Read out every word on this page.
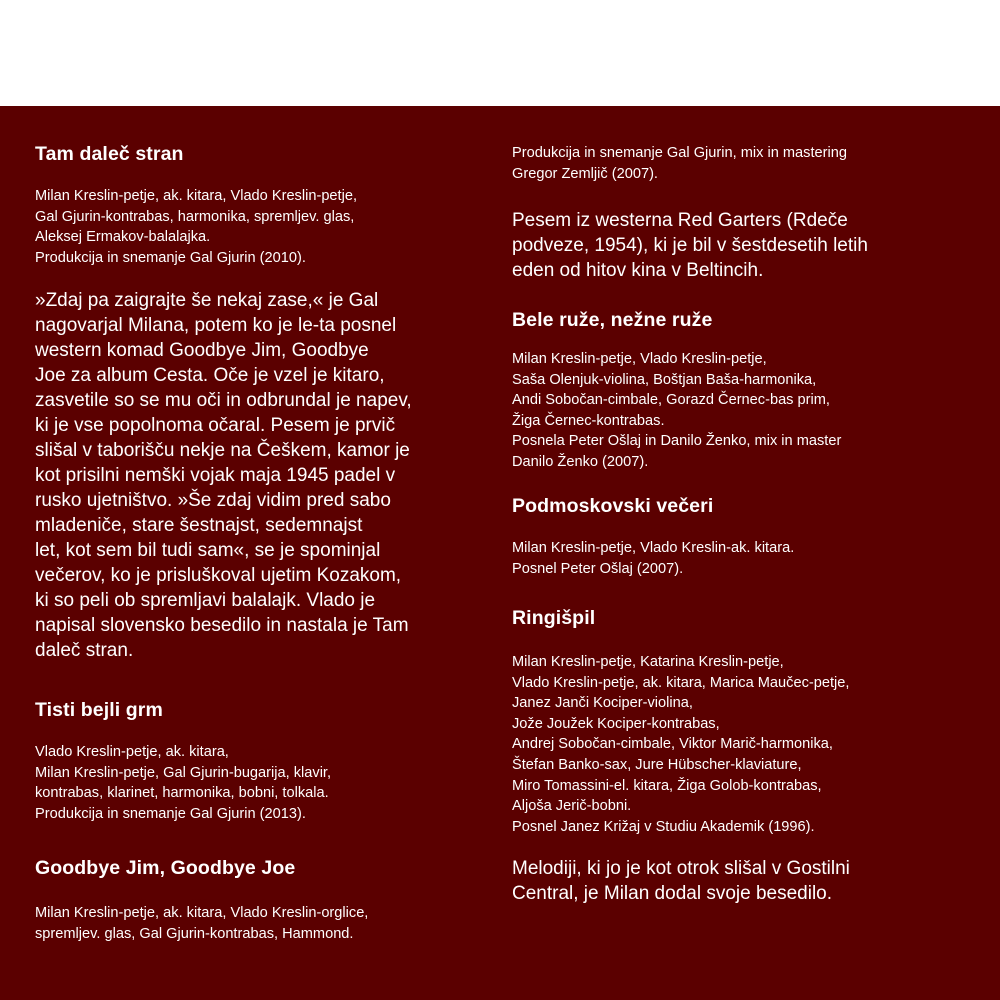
Tam daleč stran
Milan Kreslin-petje, ak. kitara, Vlado Kreslin-petje,
Gal Gjurin-kontrabas, harmonika, spremljev. glas,
Aleksej Ermakov-balalajka.
Produkcija in snemanje Gal Gjurin (2010).
»Zdaj pa zaigrajte še nekaj zase,« je Gal
nagovarjal Milana, potem ko je le-ta posnel
western komad Goodbye Jim, Goodbye
Joe za album Cesta. Oče je vzel je kitaro,
zasvetile so se mu oči in odbrundal je napev,
ki je vse popolnoma očaral. Pesem je prvič
slišal v taborišču nekje na Češkem, kamor je
kot prisilni nemški vojak maja 1945 padel v
rusko ujetništvo. »Še zdaj vidim pred sabo
mladeniče, stare šestnajst, sedemnajst
let, kot sem bil tudi sam«, se je spominjal
večerov, ko je prisluškoval ujetim Kozakom,
ki so peli ob spremljavi balalajk. Vlado je
napisal slovensko besedilo in nastala je Tam
daleč stran.
Tisti bejli grm
Vlado Kreslin-petje, ak. kitara,
Milan Kreslin-petje, Gal Gjurin-bugarija, klavir,
kontrabas, klarinet, harmonika, bobni, tolkala.
Produkcija in snemanje Gal Gjurin (2013).
Goodbye Jim, Goodbye Joe
Milan Kreslin-petje, ak. kitara, Vlado Kreslin-orglice,
spremljev. glas, Gal Gjurin-kontrabas, Hammond.
Produkcija in snemanje Gal Gjurin, mix in mastering
Gregor Zemljič (2007).
Pesem iz westerna Red Garters (Rdeče
podveze, 1954), ki je bil v šestdesetih letih
eden od hitov kina v Beltincih.
Bele ruže, nežne ruže
Milan Kreslin-petje, Vlado Kreslin-petje,
Saša Olenjuk-violina, Boštjan Baša-harmonika,
Andi Sobočan-cimbale, Gorazd Černec-bas prim,
Žiga Černec-kontrabas.
Posnela Peter Ošlaj in Danilo Ženko, mix in master
Danilo Ženko (2007).
Podmoskovski večeri
Milan Kreslin-petje, Vlado Kreslin-ak. kitara.
Posnel Peter Ošlaj (2007).
Ringišpil
Milan Kreslin-petje, Katarina Kreslin-petje,
Vlado Kreslin-petje, ak. kitara, Marica Maučec-petje,
Janez Janči Kociper-violina,
Jože Joužek Kociper-kontrabas,
Andrej Sobočan-cimbale, Viktor Marič-harmonika,
Štefan Banko-sax, Jure Hübscher-klaviature,
Miro Tomassini-el. kitara, Žiga Golob-kontrabas,
Aljoša Jerič-bobni.
Posnel Janez Križaj v Studiu Akademik (1996).
Melodiji, ki jo je kot otrok slišal v Gostilni
Central, je Milan dodal svoje besedilo.
